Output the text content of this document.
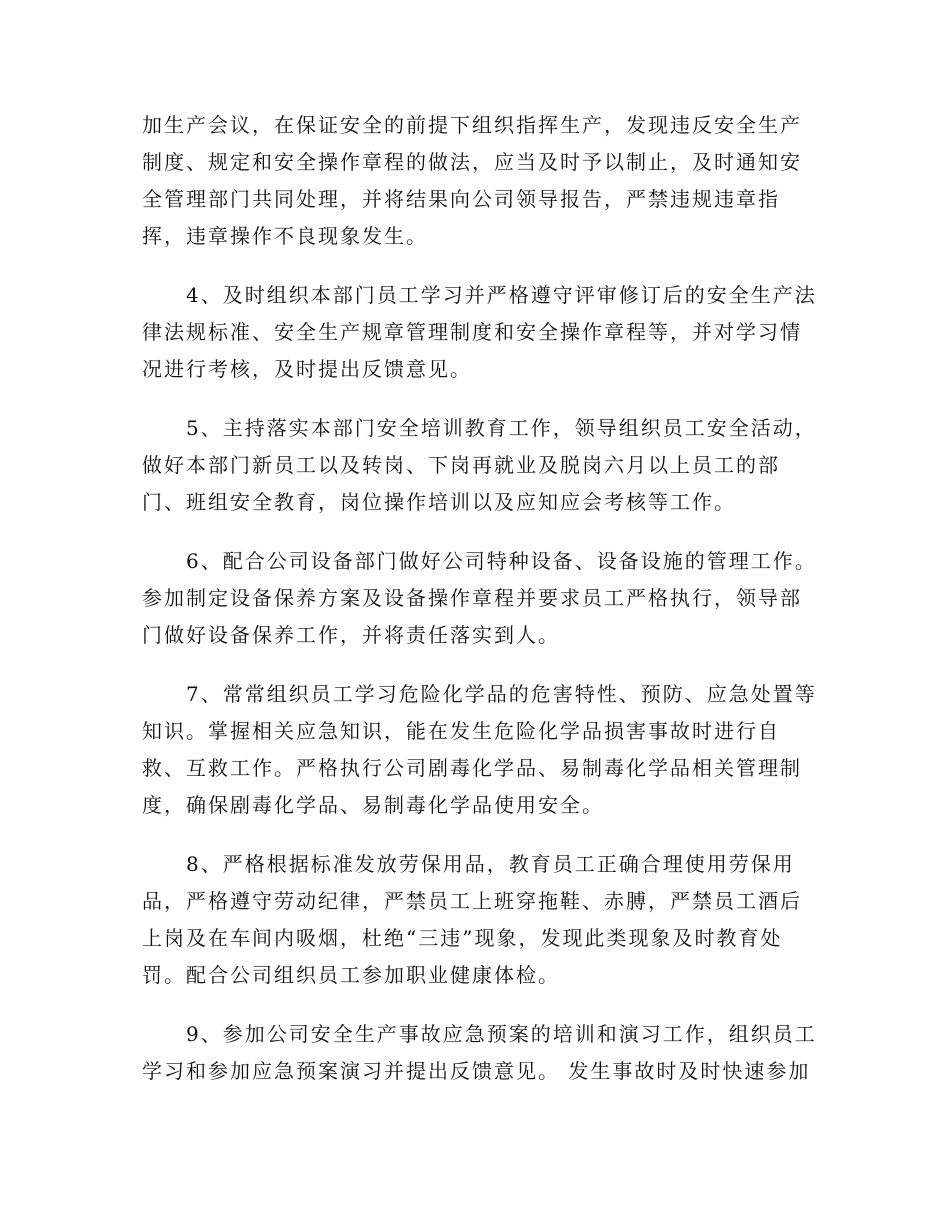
加生产会议，在保证安全的前提下组织指挥生产，发现违反安全生产
制度、规定和安全操作章程的做法，应当及时予以制止，及时通知安
全管理部门共同处理，并将结果向公司领导报告，严禁违规违章指
挥，违章操作不良现象发生。
4、及时组织本部门员工学习并严格遵守评审修订后的安全生产法
律法规标准、安全生产规章管理制度和安全操作章程等，并对学习情
况进行考核，及时提出反馈意见。
5、主持落实本部门安全培训教育工作，领导组织员工安全活动，
做好本部门新员工以及转岗、下岗再就业及脱岗六月以上员工的部
门、班组安全教育，岗位操作培训以及应知应会考核等工作。
6、配合公司设备部门做好公司特种设备、设备设施的管理工作。
参加制定设备保养方案及设备操作章程并要求员工严格执行，领导部
门做好设备保养工作，并将责任落实到人。
7、常常组织员工学习危险化学品的危害特性、预防、应急处置等
知识。掌握相关应急知识，能在发生危险化学品损害事故时进行自
救、互救工作。严格执行公司剧毒化学品、易制毒化学品相关管理制
度，确保剧毒化学品、易制毒化学品使用安全。
8、严格根据标准发放劳保用品，教育员工正确合理使用劳保用
品，严格遵守劳动纪律，严禁员工上班穿拖鞋、赤膊，严禁员工酒后
上岗及在车间内吸烟，杜绝“三违”现象，发现此类现象及时教育处
罚。配合公司组织员工参加职业健康体检。
9、参加公司安全生产事故应急预案的培训和演习工作，组织员工
学习和参加应急预案演习并提出反馈意见。 发生事故时及时快速参加
